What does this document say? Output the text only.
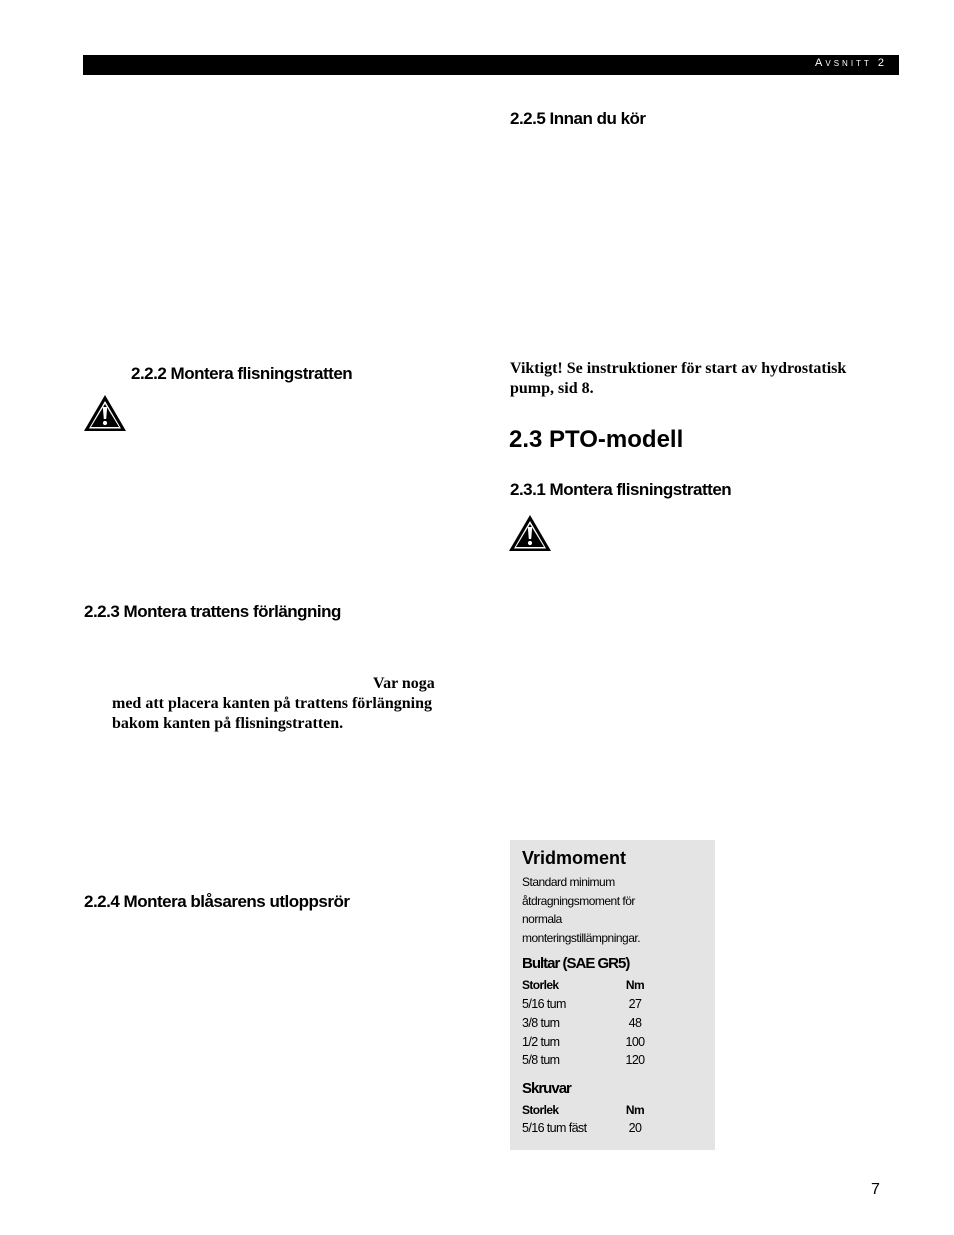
Avsnitt 2
2.2.2 Montera flisningstratten
2.2.3 Montera trattens förlängning

Var noga

med att placera kanten på trattens förlängning

bakom kanten på flisningstratten.

2.2.4 Montera blåsarens utloppsrör
2.2.5 Innan du kör

Viktigt! Se instruktioner för start av hydrostatisk

pump, sid 8.

2.3 PTO-modell
2.3.1 Montera flisningstratten
Vridmoment
Standard minimum
åtdragningsmoment för
normala
monteringstillämpningar.
Bultar (SAE GR5)
Storlek	Nm
5/16 tum	27
3/8 tum	48
1/2 tum	100
5/8 tum	120
Skruvar
Storlek	Nm
5/16 tum fäst	20
7
